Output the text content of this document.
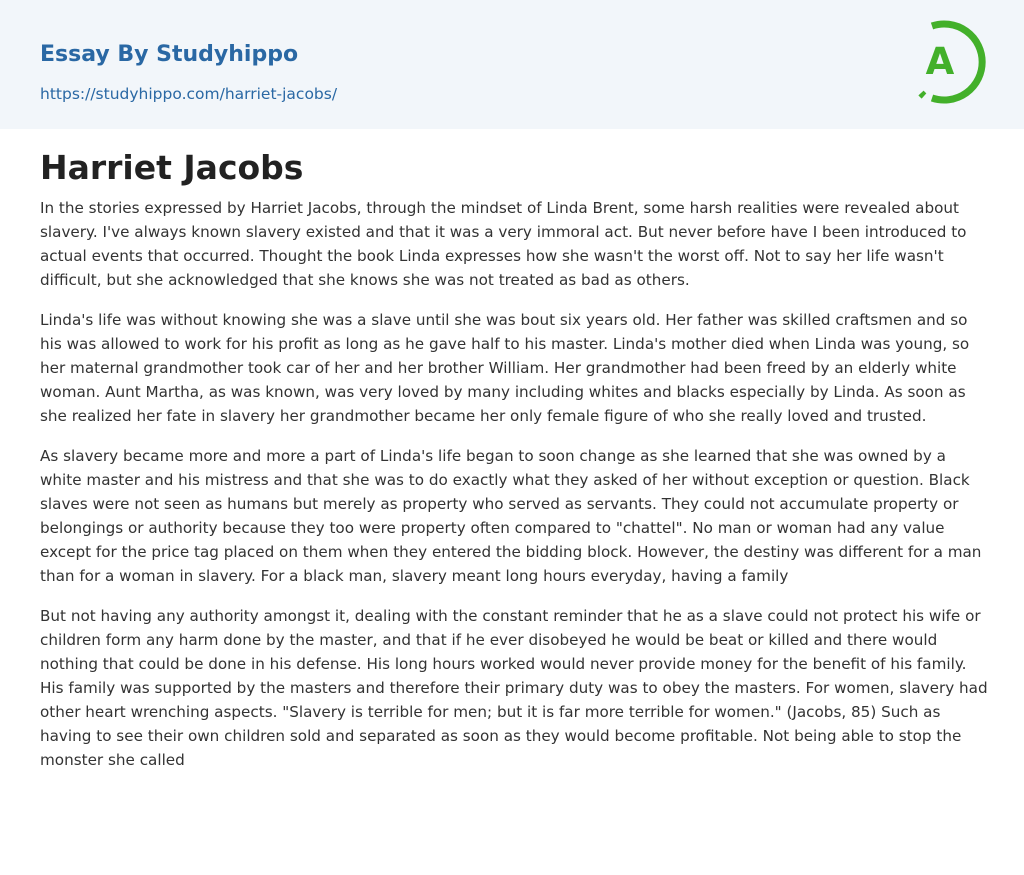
Essay By Studyhippo
https://studyhippo.com/harriet-jacobs/
A
Harriet Jacobs

In the stories expressed by Harriet Jacobs, through the mindset of Linda Brent, some harsh realities were revealed about slavery. I've always known slavery existed and that it was a very immoral act. But never before have I been introduced to actual events that occurred. Thought the book Linda expresses how she wasn't the worst off. Not to say her life wasn't difficult, but she acknowledged that she knows she was not treated as bad as others.

Linda's life was without knowing she was a slave until she was bout six years old. Her father was skilled craftsmen and so his was allowed to work for his profit as long as he gave half to his master. Linda's mother died when Linda was young, so her maternal grandmother took car of her and her brother William. Her grandmother had been freed by an elderly white woman. Aunt Martha, as was known, was very loved by many including whites and blacks especially by Linda. As soon as she realized her fate in slavery her grandmother became her only female figure of who she really loved and trusted.

As slavery became more and more a part of Linda's life began to soon change as she learned that she was owned by a white master and his mistress and that she was to do exactly what they asked of her without exception or question. Black slaves were not seen as humans but merely as property who served as servants. They could not accumulate property or belongings or authority because they too were property often compared to "chattel". No man or woman had any value except for the price tag placed on them when they entered the bidding block. However, the destiny was different for a man than for a woman in slavery. For a black man, slavery meant long hours everyday, having a family

But not having any authority amongst it, dealing with the constant reminder that he as a slave could not protect his wife or children form any harm done by the master, and that if he ever disobeyed he would be beat or killed and there would nothing that could be done in his defense. His long hours worked would never provide money for the benefit of his family. His family was supported by the masters and therefore their primary duty was to obey the masters. For women, slavery had other heart wrenching aspects. "Slavery is terrible for men; but it is far more terrible for women." (Jacobs, 85) Such as having to see their own children sold and separated as soon as they would become profitable. Not being able to stop the monster she called
